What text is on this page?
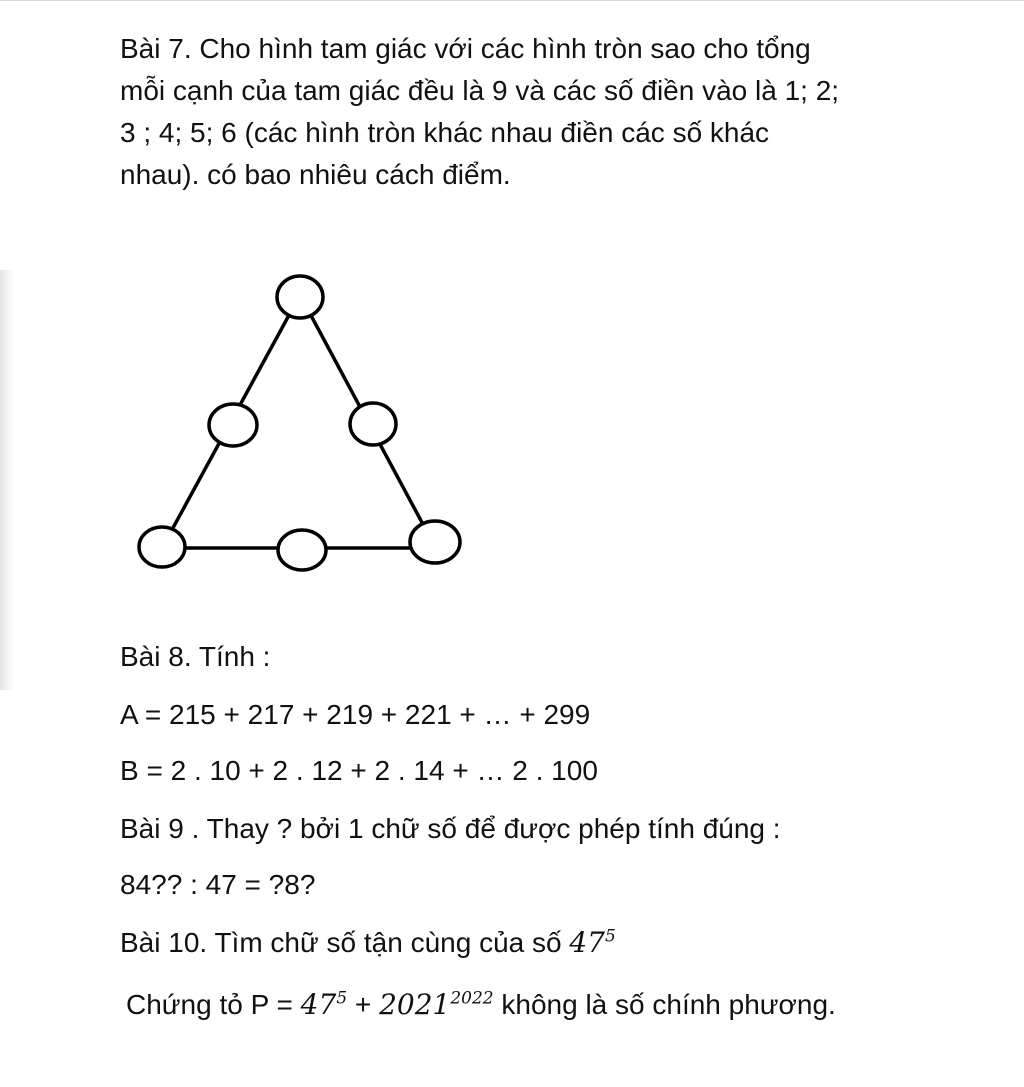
Bài 7. Cho hình tam giác với các hình tròn sao cho tổng
mỗi cạnh của tam giác đều là 9 và các số điền vào là 1; 2;
3 ; 4; 5; 6 (các hình tròn khác nhau điền các số khác
nhau). có bao nhiêu cách điểm.
Bài 8. Tính :
A = 215 + 217 + 219 + 221 + … + 299
B = 2 . 10 + 2 . 12 + 2 . 14 + … 2 . 100
Bài 9 . Thay ? bởi 1 chữ số để được phép tính đúng :
84?? : 47 = ?8?
Bài 10. Tìm chữ số tận cùng của số $47^5$
Chứng tỏ $P = 47^5 + 2021^{2022}$ không là số chính phương.
